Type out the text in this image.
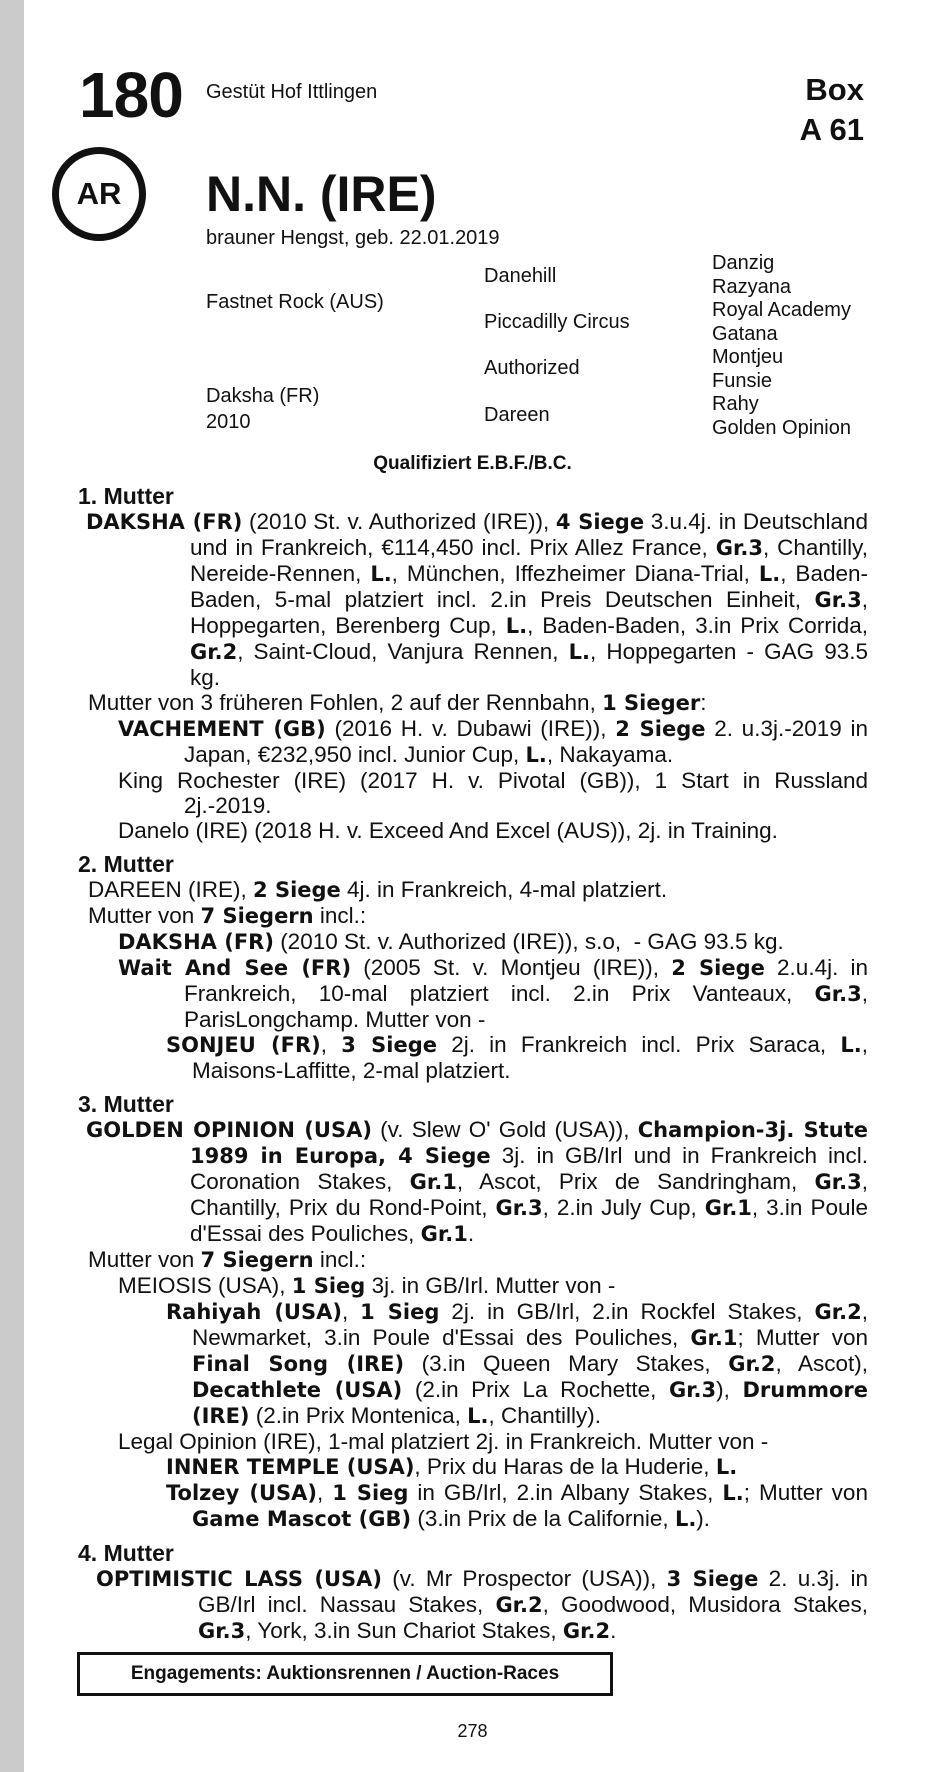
180 Gestüt Hof Ittlingen	Box
A 61
AR	N.N. (IRE)
brauner Hengst, geb. 22.01.2019
Fastnet Rock (AUS)
Daksha (FR)
2010
Danehill
Piccadilly Circus
Authorized
Dareen
Danzig
Razyana
Royal Academy
Gatana
Montjeu
Funsie
Rahy
Golden Opinion
Qualifiziert E.B.F./B.C.
1. Mutter
DAKSHA (FR) (2010 St. v. Authorized (IRE)), 4 Siege 3.u.4j. in Deutschland und in Frankreich, €114,450 incl. Prix Allez France, Gr.3, Chantilly, Nereide-Rennen, L., München, Iffezheimer Diana-Trial, L., Baden-Baden, 5-mal platziert incl. 2.in Preis Deutschen Einheit, Gr.3, Hoppegarten, Berenberg Cup, L., Baden-Baden, 3.in Prix Corrida, Gr.2, Saint-Cloud, Vanjura Rennen, L., Hoppegarten - GAG 93.5 kg.
Mutter von 3 früheren Fohlen, 2 auf der Rennbahn, 1 Sieger:
VACHEMENT (GB) (2016 H. v. Dubawi (IRE)), 2 Siege 2. u.3j.-2019 in Japan, €232,950 incl. Junior Cup, L., Nakayama.
King Rochester (IRE) (2017 H. v. Pivotal (GB)), 1 Start in Russland 2j.-2019.
Danelo (IRE) (2018 H. v. Exceed And Excel (AUS)), 2j. in Training.
2. Mutter
DAREEN (IRE), 2 Siege 4j. in Frankreich, 4-mal platziert.
Mutter von 7 Siegern incl.:
DAKSHA (FR) (2010 St. v. Authorized (IRE)), s.o,  - GAG 93.5 kg.
Wait And See (FR) (2005 St. v. Montjeu (IRE)), 2 Siege 2.u.4j. in Frankreich, 10-mal platziert incl. 2.in Prix Vanteaux, Gr.3, ParisLongchamp. Mutter von -
SONJEU (FR), 3 Siege 2j. in Frankreich incl. Prix Saraca, L., Maisons-Laffitte, 2-mal platziert.
3. Mutter
GOLDEN OPINION (USA) (v. Slew O' Gold (USA)), Champion-3j. Stute 1989 in Europa, 4 Siege 3j. in GB/Irl und in Frankreich incl. Coronation Stakes, Gr.1, Ascot, Prix de Sandringham, Gr.3, Chantilly, Prix du Rond-Point, Gr.3, 2.in July Cup, Gr.1, 3.in Poule d'Essai des Pouliches, Gr.1.
Mutter von 7 Siegern incl.:
MEIOSIS (USA), 1 Sieg 3j. in GB/Irl. Mutter von -
Rahiyah (USA), 1 Sieg 2j. in GB/Irl, 2.in Rockfel Stakes, Gr.2, Newmarket, 3.in Poule d'Essai des Pouliches, Gr.1; Mutter von Final Song (IRE) (3.in Queen Mary Stakes, Gr.2, Ascot), Decathlete (USA) (2.in Prix La Rochette, Gr.3), Drummore (IRE) (2.in Prix Montenica, L., Chantilly).
Legal Opinion (IRE), 1-mal platziert 2j. in Frankreich. Mutter von -
INNER TEMPLE (USA), Prix du Haras de la Huderie, L.
Tolzey (USA), 1 Sieg in GB/Irl, 2.in Albany Stakes, L.; Mutter von Game Mascot (GB) (3.in Prix de la Californie, L.).
4. Mutter
OPTIMISTIC LASS (USA) (v. Mr Prospector (USA)), 3 Siege 2. u.3j. in GB/Irl incl. Nassau Stakes, Gr.2, Goodwood, Musidora Stakes, Gr.3, York, 3.in Sun Chariot Stakes, Gr.2.
Engagements: Auktionsrennen / Auction-Races
278
